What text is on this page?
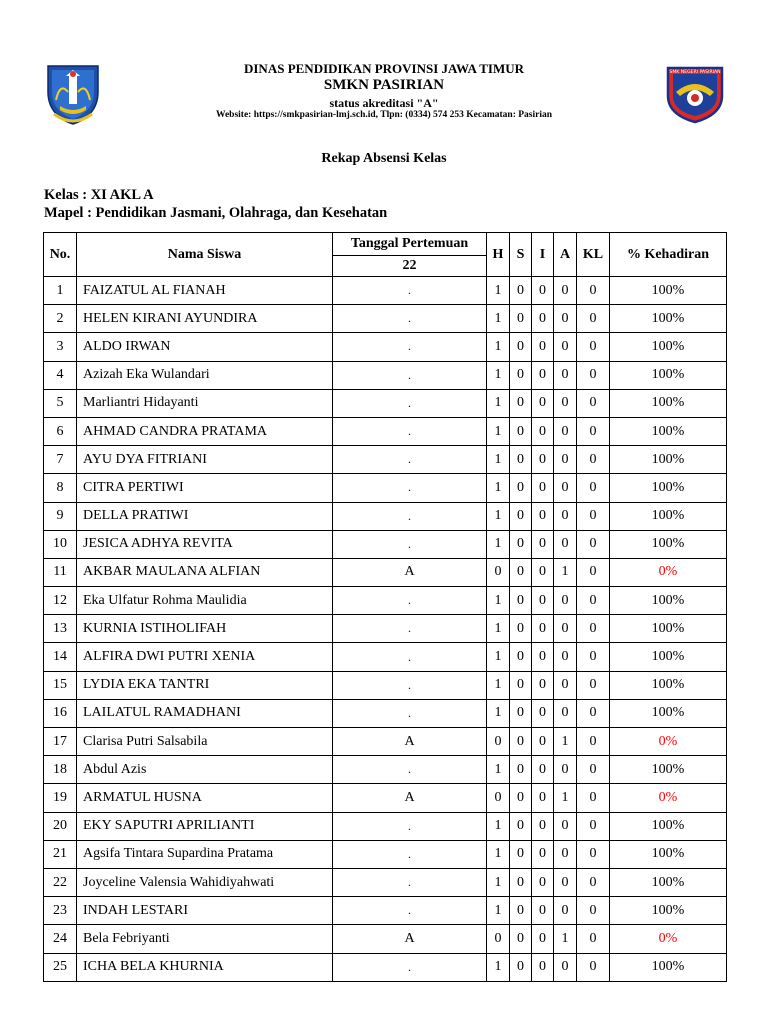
DINAS PENDIDIKAN PROVINSI JAWA TIMUR
SMKN PASIRIAN
status akreditasi "A"
Website: https://smkpasirian-lmj.sch.id, Tlpn: (0334) 574 253 Kecamatan: Pasirian
SMK NEGERI PASIRIAN
Rekap Absensi Kelas
Kelas : XI AKL A
Mapel : Pendidikan Jasmani, Olahraga, dan Kesehatan
No.	Nama Siswa	Tanggal Pertemuan	H	S	I	A	KL	% Kehadiran
		22						
1	FAIZATUL AL FIANAH	.	1	0	0	0	0	100%
2	HELEN KIRANI AYUNDIRA	.	1	0	0	0	0	100%
3	ALDO IRWAN	.	1	0	0	0	0	100%
4	Azizah Eka Wulandari	.	1	0	0	0	0	100%
5	Marliantri Hidayanti	.	1	0	0	0	0	100%
6	AHMAD CANDRA PRATAMA	.	1	0	0	0	0	100%
7	AYU DYA FITRIANI	.	1	0	0	0	0	100%
8	CITRA PERTIWI	.	1	0	0	0	0	100%
9	DELLA PRATIWI	.	1	0	0	0	0	100%
10	JESICA ADHYA REVITA	.	1	0	0	0	0	100%
11	AKBAR MAULANA ALFIAN	A	0	0	0	1	0	0%
12	Eka Ulfatur Rohma Maulidia	.	1	0	0	0	0	100%
13	KURNIA ISTIHOLIFAH	.	1	0	0	0	0	100%
14	ALFIRA DWI PUTRI XENIA	.	1	0	0	0	0	100%
15	LYDIA EKA TANTRI	.	1	0	0	0	0	100%
16	LAILATUL RAMADHANI	.	1	0	0	0	0	100%
17	Clarisa Putri Salsabila	A	0	0	0	1	0	0%
18	Abdul Azis	.	1	0	0	0	0	100%
19	ARMATUL HUSNA	A	0	0	0	1	0	0%
20	EKY SAPUTRI APRILIANTI	.	1	0	0	0	0	100%
21	Agsifa Tintara Supardina Pratama	.	1	0	0	0	0	100%
22	Joyceline Valensia Wahidiyahwati	.	1	0	0	0	0	100%
23	INDAH LESTARI	.	1	0	0	0	0	100%
24	Bela Febriyanti	A	0	0	0	1	0	0%
25	ICHA BELA KHURNIA	.	1	0	0	0	0	100%
